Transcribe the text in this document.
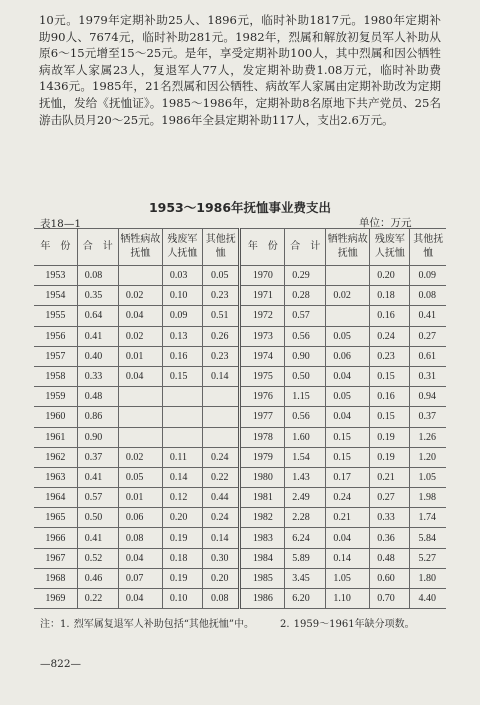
10元。1979年定期补助25人、1896元，临时补助1817元。1980年定期补助90人、7674元，临时补助281元。1982年，烈属和解放初复员军人补助从原6～15元增至15～25元。是年，享受定期补助100人，其中烈属和因公牺牲病故军人家属23人，复退军人77人，发定期补助费1.08万元，临时补助费1436元。1985年，21名烈属和因公牺牲、病故军人家属由定期补助改为定期抚恤，发给《抚恤证》。1985～1986年，定期补助8名原地下共产党员、25名游击队员月20～25元。1986年全县定期补助117人，支出2.6万元。
1953～1986年抚恤事业费支出
表18—1	单位：万元
年　份	合　计	牺牲病故抚恤	残废军人抚恤	其他抚恤	年　份	合　计	牺牲病故抚恤	残废军人抚恤	其他抚恤
1953	0.08		0.03	0.05	1970	0.29		0.20	0.09
1954	0.35	0.02	0.10	0.23	1971	0.28	0.02	0.18	0.08
1955	0.64	0.04	0.09	0.51	1972	0.57		0.16	0.41
1956	0.41	0.02	0.13	0.26	1973	0.56	0.05	0.24	0.27
1957	0.40	0.01	0.16	0.23	1974	0.90	0.06	0.23	0.61
1958	0.33	0.04	0.15	0.14	1975	0.50	0.04	0.15	0.31
1959	0.48				1976	1.15	0.05	0.16	0.94
1960	0.86				1977	0.56	0.04	0.15	0.37
1961	0.90				1978	1.60	0.15	0.19	1.26
1962	0.37	0.02	0.11	0.24	1979	1.54	0.15	0.19	1.20
1963	0.41	0.05	0.14	0.22	1980	1.43	0.17	0.21	1.05
1964	0.57	0.01	0.12	0.44	1981	2.49	0.24	0.27	1.98
1965	0.50	0.06	0.20	0.24	1982	2.28	0.21	0.33	1.74
1966	0.41	0.08	0.19	0.14	1983	6.24	0.04	0.36	5.84
1967	0.52	0.04	0.18	0.30	1984	5.89	0.14	0.48	5.27
1968	0.46	0.07	0.19	0.20	1985	3.45	1.05	0.60	1.80
1969	0.22	0.04	0.10	0.08	1986	6.20	1.10	0.70	4.40
注：1. 烈军属复退军人补助包括“其他抚恤”中。	2. 1959～1961年缺分项数。
—822—
